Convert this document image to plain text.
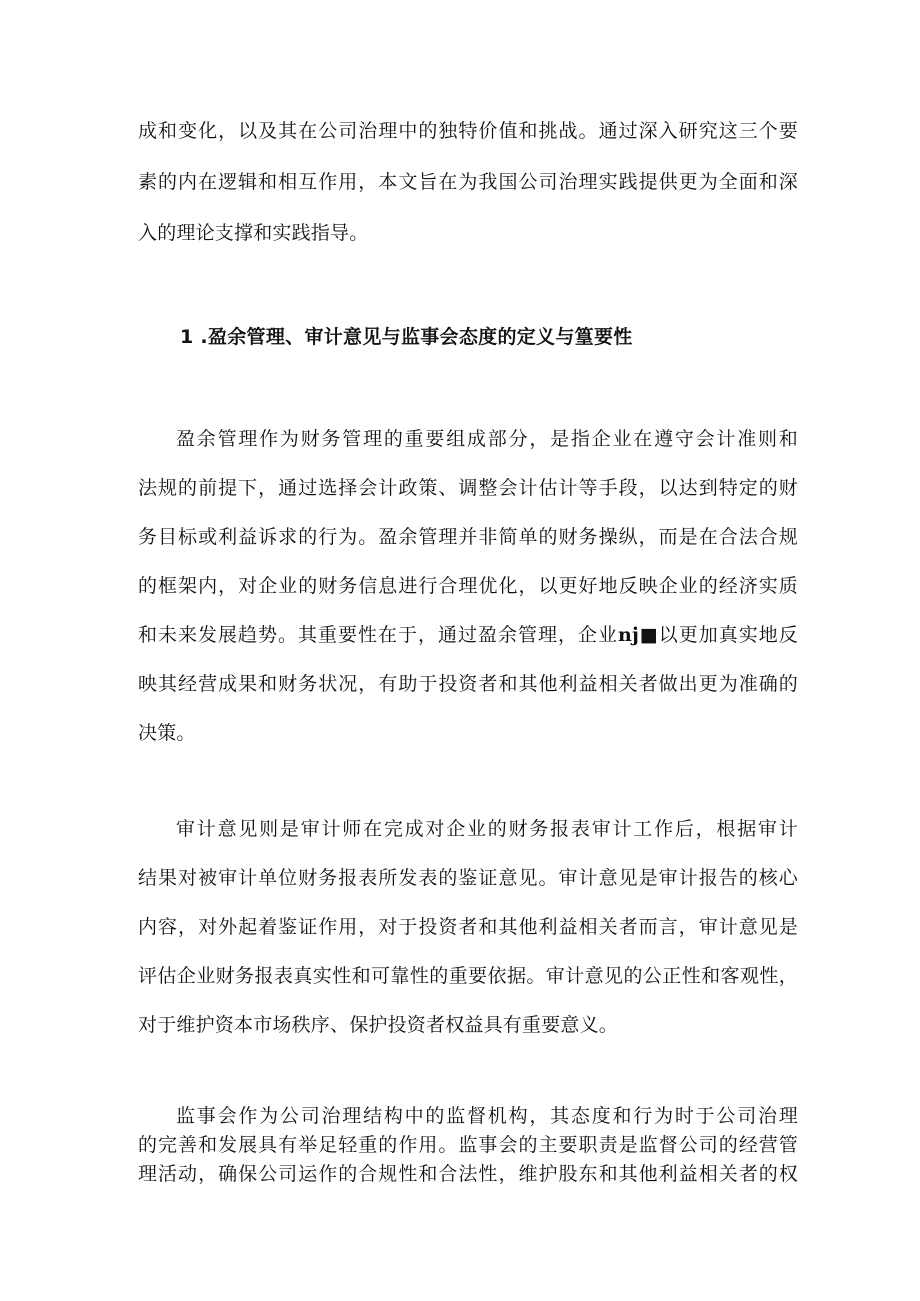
成和变化，以及其在公司治理中的独特价值和挑战。通过深入研究这三个要
素的内在逻辑和相互作用，本文旨在为我国公司治理实践提供更为全面和深
入的理论支撑和实践指导。
1 .盈余管理、审计意见与监事会态度的定义与篁要性
盈余管理作为财务管理的重要组成部分，是指企业在遵守会计准则和
法规的前提下，通过选择会计政策、调整会计估计等手段，以达到特定的财
务目标或利益诉求的行为。盈余管理并非简单的财务操纵，而是在合法合规
的框架内，对企业的财务信息进行合理优化，以更好地反映企业的经济实质
和未来发展趋势。其重要性在于，通过盈余管理，企业nj■以更加真实地反
映其经营成果和财务状况，有助于投资者和其他利益相关者做出更为准确的
决策。
审计意见则是审计师在完成对企业的财务报表审计工作后，根据审计
结果对被审计单位财务报表所发表的鉴证意见。审计意见是审计报告的核心
内容，对外起着鉴证作用，对于投资者和其他利益相关者而言，审计意见是
评估企业财务报表真实性和可靠性的重要依据。审计意见的公正性和客观性，
对于维护资本市场秩序、保护投资者权益具有重要意义。
监事会作为公司治理结构中的监督机构，其态度和行为时于公司治理
的完善和发展具有举足轻重的作用。监事会的主要职责是监督公司的经营管
理活动，确保公司运作的合规性和合法性，维护股东和其他利益相关者的权
